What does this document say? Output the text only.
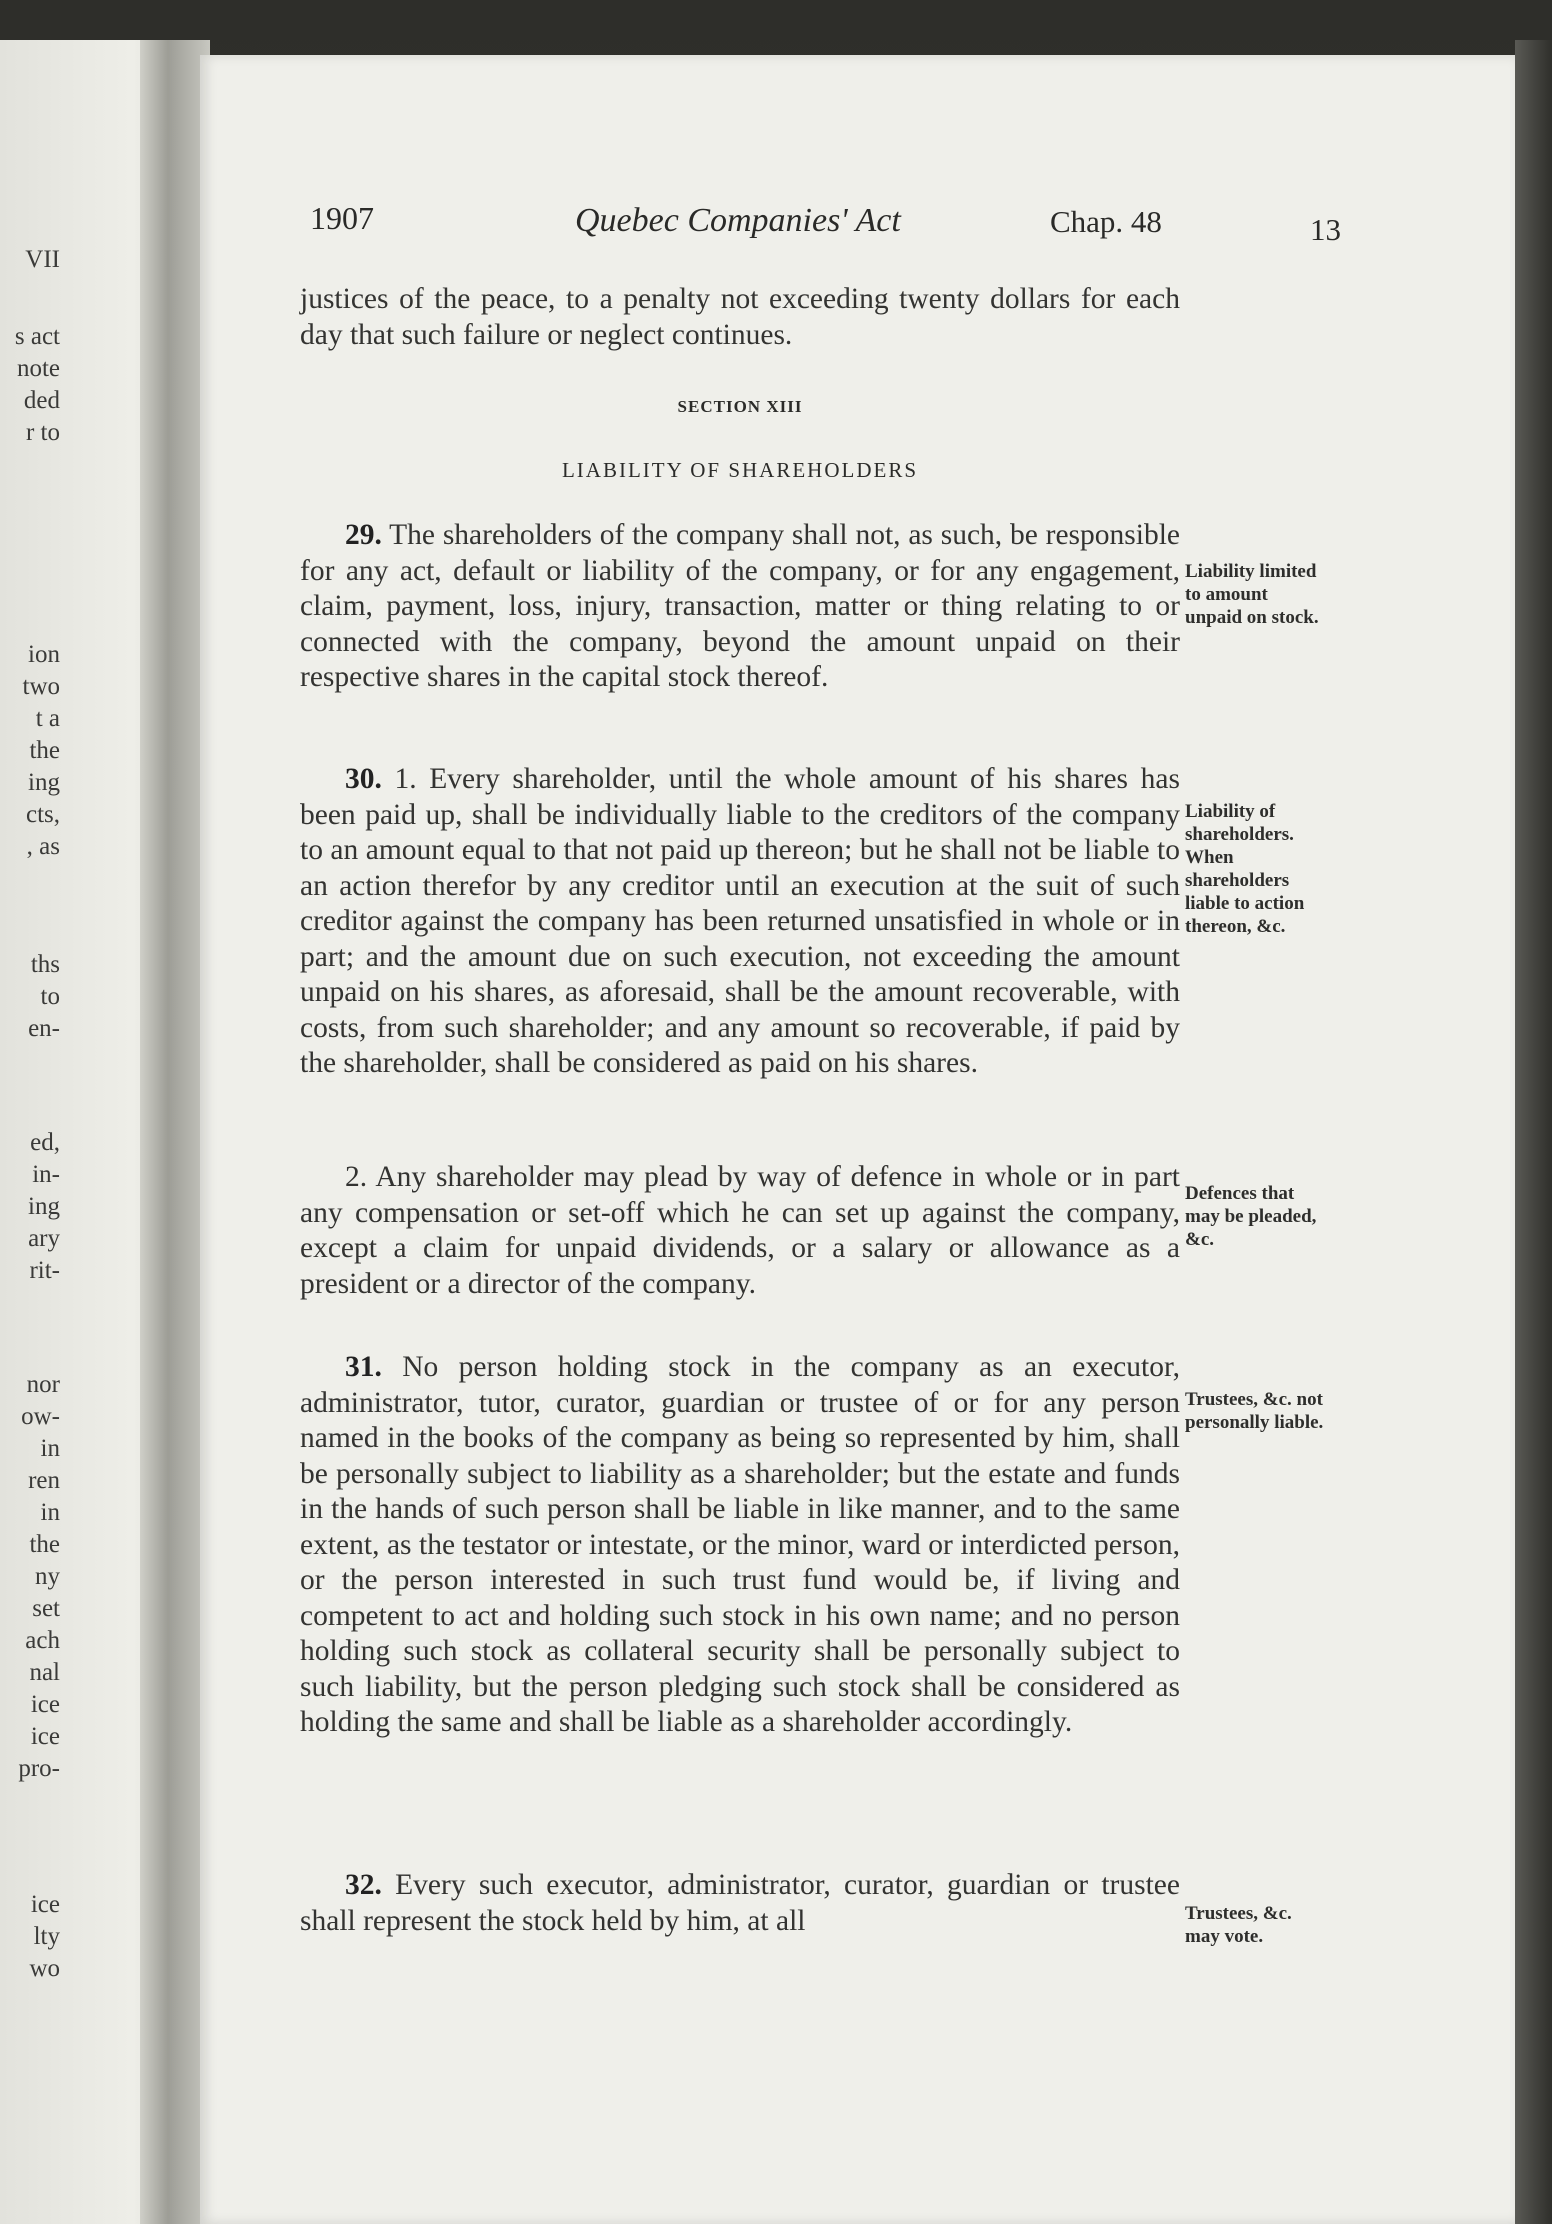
VII
s act
note
ded
r to
ion
two
t a
the
ing
cts,
, as
ths
to
en-
ed,
in-
ing
ary
rit-
nor
ow-
in
ren
in
the
ny
set
ach
nal
ice
ice
pro-
ice
lty
wo
1907	Quebec Companies' Act	Chap. 48	13

justices of the peace, to a penalty not exceeding twenty dollars for each day that such failure or neglect continues.

SECTION XIII
LIABILITY OF SHAREHOLDERS

29. The shareholders of the company shall not, as such, be responsible for any act, default or liability of the company, or for any engagement, claim, payment, loss, injury, transaction, matter or thing relating to or connected with the company, beyond the amount unpaid on their respective shares in the capital stock thereof.

Liability limited to amount unpaid on stock.

30. 1. Every shareholder, until the whole amount of his shares has been paid up, shall be individually liable to the creditors of the company to an amount equal to that not paid up thereon; but he shall not be liable to an action therefor by any creditor until an execution at the suit of such creditor against the company has been returned unsatisfied in whole or in part; and the amount due on such execution, not exceeding the amount unpaid on his shares, as aforesaid, shall be the amount recoverable, with costs, from such shareholder; and any amount so recoverable, if paid by the shareholder, shall be considered as paid on his shares.

Liability of shareholders. When shareholders liable to action thereon, &c.

2. Any shareholder may plead by way of defence in whole or in part any compensation or set-off which he can set up against the company, except a claim for unpaid dividends, or a salary or allowance as a president or a director of the company.

Defences that may be pleaded, &c.

31. No person holding stock in the company as an executor, administrator, tutor, curator, guardian or trustee of or for any person named in the books of the company as being so represented by him, shall be personally subject to liability as a shareholder; but the estate and funds in the hands of such person shall be liable in like manner, and to the same extent, as the testator or intestate, or the minor, ward or interdicted person, or the person interested in such trust fund would be, if living and competent to act and holding such stock in his own name; and no person holding such stock as collateral security shall be personally subject to such liability, but the person pledging such stock shall be considered as holding the same and shall be liable as a shareholder accordingly.

Trustees, &c. not personally liable.

32. Every such executor, administrator, curator, guardian or trustee shall represent the stock held by him, at all	Trustees, &c. may vote.
